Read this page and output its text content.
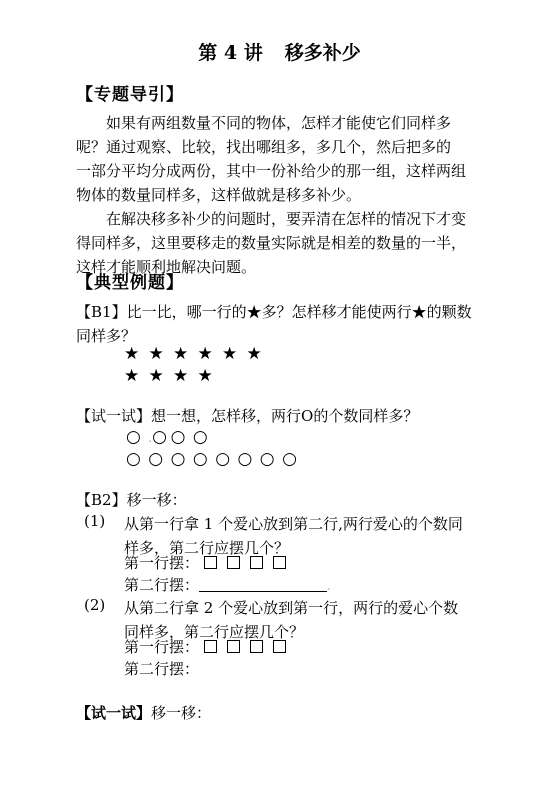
第 4 讲 移多补少
【专题导引】
如果有两组数量不同的物体，怎样才能使它们同样多
呢？通过观察、比较，找出哪组多，多几个，然后把多的
一部分平均分成两份，其中一份补给少的那一组，这样两组
物体的数量同样多，这样做就是移多补少。
在解决移多补少的问题时，要弄清在怎样的情况下才变
得同样多，这里要移走的数量实际就是相差的数量的一半，
这样才能顺利地解决问题。
【典型例题】
【B1】比一比，哪一行的★多？怎样移才能使两行★的颗数
同样多？
★ ★ ★ ★ ★ ★
★ ★ ★ ★
【试一试】想一想，怎样移，两行O的个数同样多？
○ .○ ○ ○
○ ○ ○ ○ ○ ○ ○ ○
【B2】移一移：
(1) 从第一行拿 1 个爱心放到第二行,两行爱心的个数同
样多，第二行应摆几个？
第一行摆：
第二行摆：	.
(2) 从第二行拿 2 个爱心放到第一行，两行的爱心个数
同样多，第二行应摆几个？
第一行摆：
第二行摆：
【试一试】移一移：
